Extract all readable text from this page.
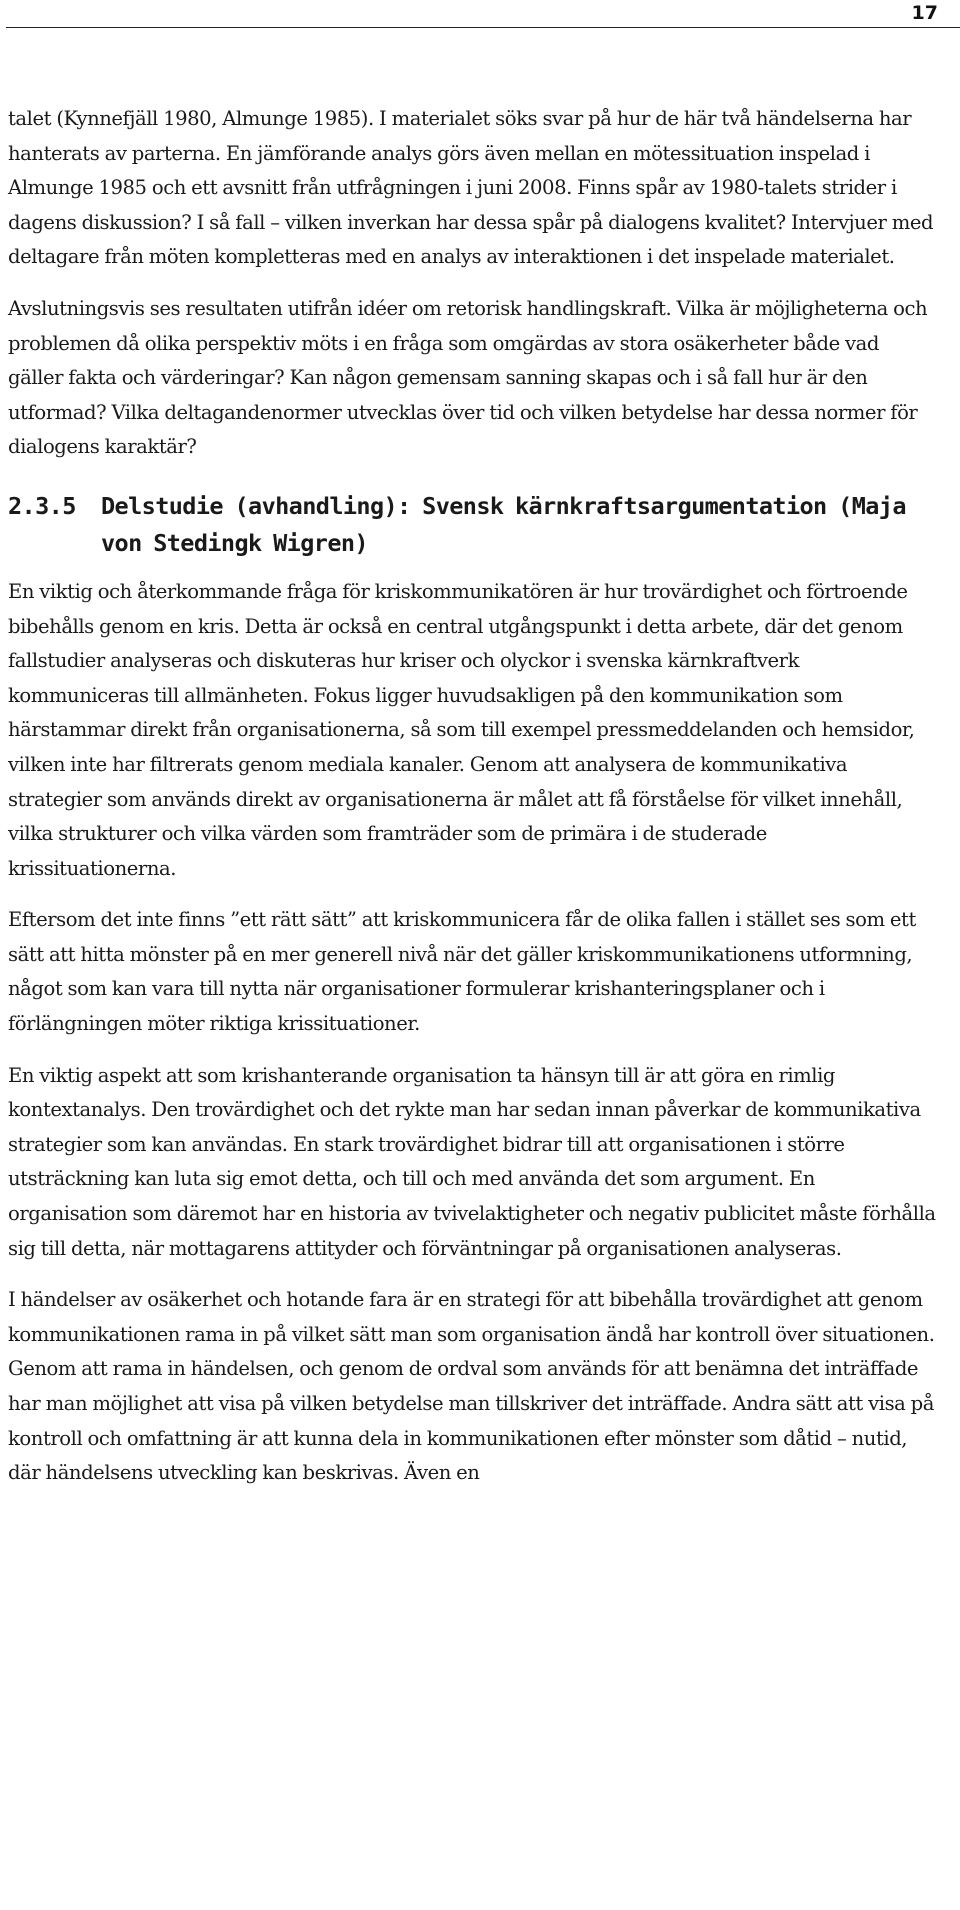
17

talet (Kynnefjäll 1980, Almunge 1985). I materialet söks svar på hur de här två händelserna har hanterats av parterna. En jämförande analys görs även mellan en mötessituation inspelad i Almunge 1985 och ett avsnitt från utfrågningen i juni 2008. Finns spår av 1980-talets strider i dagens diskussion? I så fall – vilken inverkan har dessa spår på dialogens kvalitet? Intervjuer med deltagare från möten kompletteras med en analys av interaktionen i det inspelade materialet.

Avslutningsvis ses resultaten utifrån idéer om retorisk handlingskraft. Vilka är möjligheterna och problemen då olika perspektiv möts i en fråga som omgärdas av stora osäkerheter både vad gäller fakta och värderingar? Kan någon gemensam sanning skapas och i så fall hur är den utformad? Vilka deltagandenormer utvecklas över tid och vilken betydelse har dessa normer för dialogens karaktär?

2.3.5	Delstudie (avhandling): Svensk kärnkraftsargumentation (Maja von Stedingk Wigren)

En viktig och återkommande fråga för kriskommunikatören är hur trovärdighet och förtroende bibehålls genom en kris. Detta är också en central utgångspunkt i detta arbete, där det genom fallstudier analyseras och diskuteras hur kriser och olyckor i svenska kärnkraftverk kommuniceras till allmänheten. Fokus ligger huvudsakligen på den kommunikation som härstammar direkt från organisationerna, så som till exempel pressmeddelanden och hemsidor, vilken inte har filtrerats genom mediala kanaler. Genom att analysera de kommunikativa strategier som används direkt av organisationerna är målet att få förståelse för vilket innehåll, vilka strukturer och vilka värden som framträder som de primära i de studerade krissituationerna.

Eftersom det inte finns ”ett rätt sätt” att kriskommunicera får de olika fallen i stället ses som ett sätt att hitta mönster på en mer generell nivå när det gäller kriskommunikationens utformning, något som kan vara till nytta när organisationer formulerar krishanteringsplaner och i förlängningen möter riktiga krissituationer.

En viktig aspekt att som krishanterande organisation ta hänsyn till är att göra en rimlig kontextanalys. Den trovärdighet och det rykte man har sedan innan påverkar de kommunikativa strategier som kan användas. En stark trovärdighet bidrar till att organisationen i större utsträckning kan luta sig emot detta, och till och med använda det som argument. En organisation som däremot har en historia av tvivelaktigheter och negativ publicitet måste förhålla sig till detta, när mottagarens attityder och förväntningar på organisationen analyseras.

I händelser av osäkerhet och hotande fara är en strategi för att bibehålla trovärdighet att genom kommunikationen rama in på vilket sätt man som organisation ändå har kontroll över situationen. Genom att rama in händelsen, och genom de ordval som används för att benämna det inträffade har man möjlighet att visa på vilken betydelse man tillskriver det inträffade. Andra sätt att visa på kontroll och omfattning är att kunna dela in kommunikationen efter mönster som dåtid – nutid, där händelsens utveckling kan beskrivas. Även en
